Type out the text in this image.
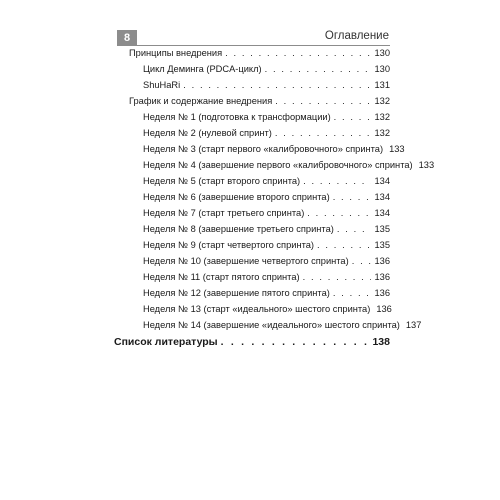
8	Оглавление
Принципы внедрения . . .	130
Цикл Деминга (PDCA-цикл) . . .	130
ShuHaRi . . .	131
График и содержание внедрения . . .	132
Неделя № 1 (подготовка к трансформации) . . .	132
Неделя № 2 (нулевой спринт) . . .	132
Неделя № 3 (старт первого «калибровочного» спринта) 133
Неделя № 4 (завершение первого «калибровочного» спринта) 133
Неделя № 5 (старт второго спринта) . . .	134
Неделя № 6 (завершение второго спринта) . . .	134
Неделя № 7 (старт третьего спринта) . . .	134
Неделя № 8 (завершение третьего спринта) . . .	135
Неделя № 9 (старт четвертого спринта) . . .	135
Неделя № 10 (завершение четвертого спринта) . . .	136
Неделя № 11 (старт пятого спринта) . . .	136
Неделя № 12 (завершение пятого спринта) . . .	136
Неделя № 13 (старт «идеального» шестого спринта) 136
Неделя № 14 (завершение «идеального» шестого спринта) 137
Список литературы . . .	138
